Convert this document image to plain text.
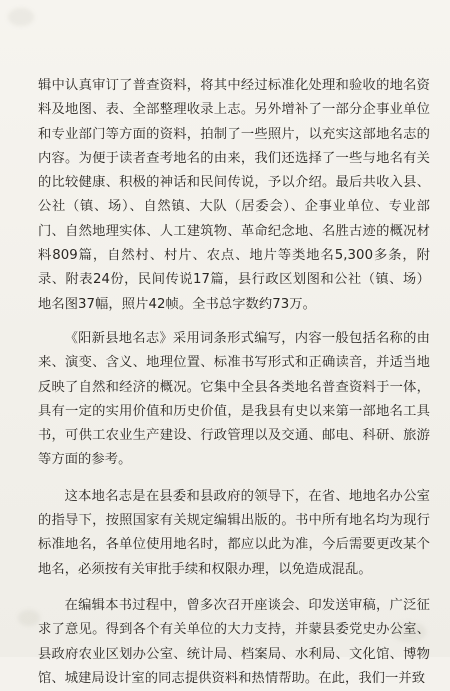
辑中认真审订了普查资料，将其中经过标准化处理和验收的地名资料及地图、表、全部整理收录上志。另外增补了一部分企事业单位和专业部门等方面的资料，拍制了一些照片，以充实这部地名志的内容。为便于读者查考地名的由来，我们还选择了一些与地名有关的比较健康、积极的神话和民间传说，予以介绍。最后共收入县、公社（镇、场）、自然镇、大队（居委会）、企事业单位、专业部门、自然地理实体、人工建筑物、革命纪念地、名胜古迹的概况材料809篇，自然村、村片、农点、地片等类地名5,300多条，附录、附表24份，民间传说17篇，县行政区划图和公社（镇、场）地名图37幅，照片42帧。全书总字数约73万。

《阳新县地名志》采用词条形式编写，内容一般包括名称的由来、演变、含义、地理位置、标准书写形式和正确读音，并适当地反映了自然和经济的概况。它集中全县各类地名普查资料于一体，具有一定的实用价值和历史价值，是我县有史以来第一部地名工具书，可供工农业生产建设、行政管理以及交通、邮电、科研、旅游等方面的参考。

这本地名志是在县委和县政府的领导下，在省、地地名办公室的指导下，按照国家有关规定编辑出版的。书中所有地名均为现行标准地名，各单位使用地名时，都应以此为准，今后需要更改某个地名，必须按有关审批手续和权限办理，以免造成混乱。

在编辑本书过程中，曾多次召开座谈会、印发送审稿，广泛征求了意见。得到各个有关单位的大力支持，并蒙县委党史办公室、县政府农业区划办公室、统计局、档案局、水利局、文化馆、博物馆、城建局设计室的同志提供资料和热情帮助。在此，我们一并致
